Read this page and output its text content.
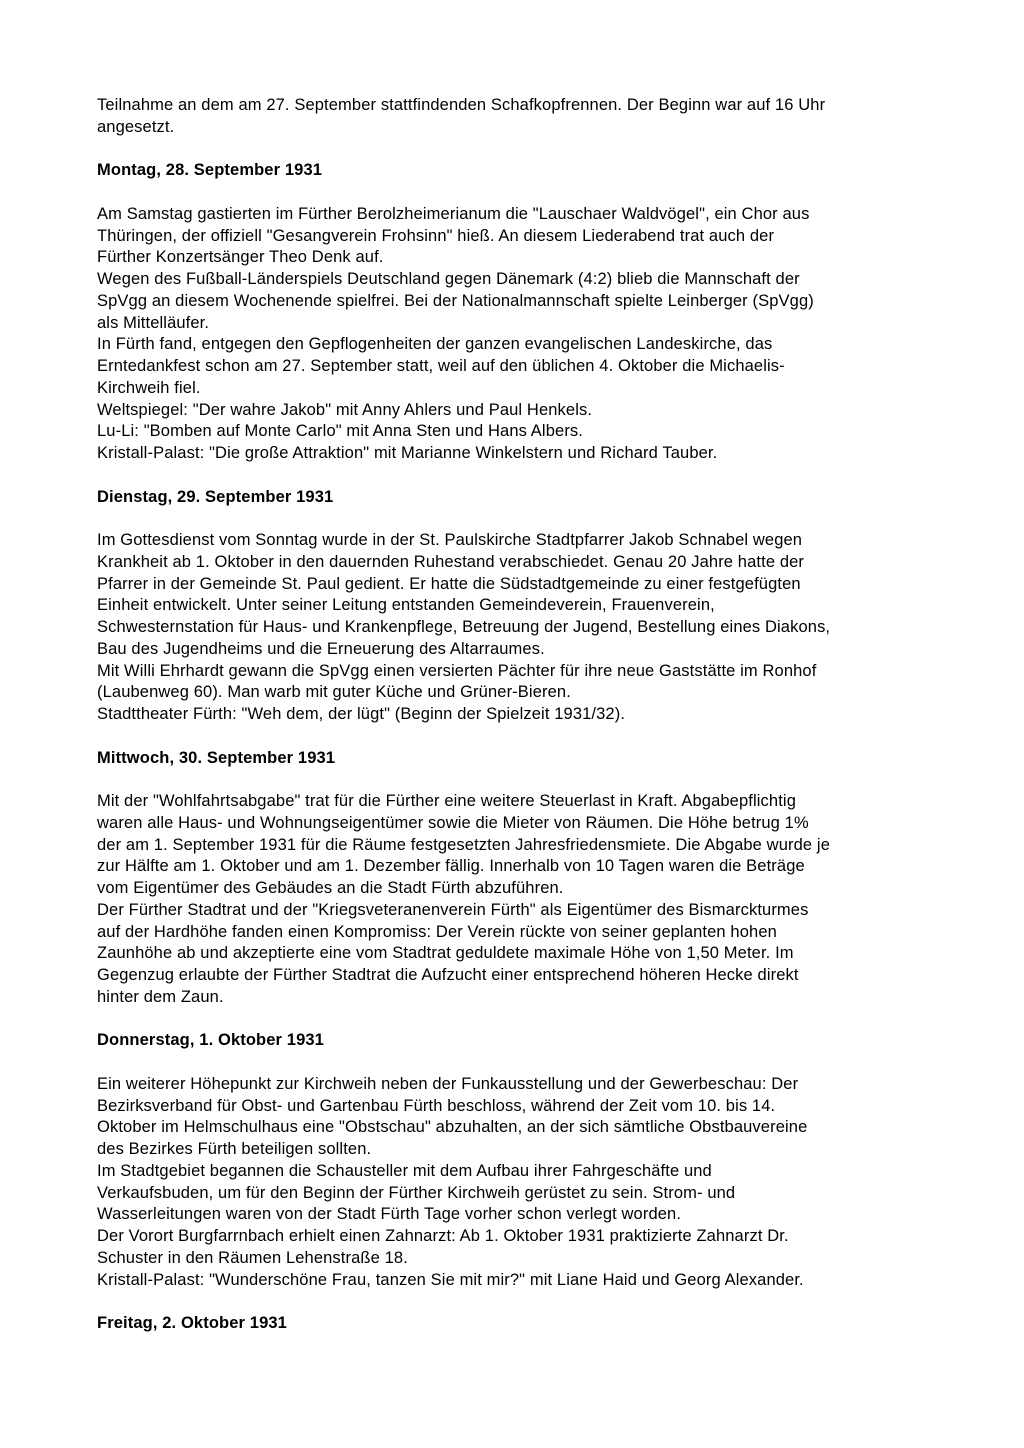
Teilnahme an dem am 27. September stattfindenden Schafkopfrennen. Der Beginn war auf 16 Uhr
angesetzt.
Montag, 28. September 1931
Am Samstag gastierten im Fürther Berolzheimerianum die "Lauschaer Waldvögel", ein Chor aus
Thüringen, der offiziell "Gesangverein Frohsinn" hieß. An diesem Liederabend trat auch der
Fürther Konzertsänger Theo Denk auf.
Wegen des Fußball-Länderspiels Deutschland gegen Dänemark (4:2) blieb die Mannschaft der
SpVgg an diesem Wochenende spielfrei. Bei der Nationalmannschaft spielte Leinberger (SpVgg)
als Mittelläufer.
In Fürth fand, entgegen den Gepflogenheiten der ganzen evangelischen Landeskirche, das
Erntedankfest schon am 27. September statt, weil auf den üblichen 4. Oktober die Michaelis-
Kirchweih fiel.
Weltspiegel: "Der wahre Jakob" mit Anny Ahlers und Paul Henkels.
Lu-Li: "Bomben auf Monte Carlo" mit Anna Sten und Hans Albers.
Kristall-Palast: "Die große Attraktion" mit Marianne Winkelstern und Richard Tauber.
Dienstag, 29. September 1931
Im Gottesdienst vom Sonntag wurde in der St. Paulskirche Stadtpfarrer Jakob Schnabel wegen
Krankheit ab 1. Oktober in den dauernden Ruhestand verabschiedet. Genau 20 Jahre hatte der
Pfarrer in der Gemeinde St. Paul gedient. Er hatte die Südstadtgemeinde zu einer festgefügten
Einheit entwickelt. Unter seiner Leitung entstanden Gemeindeverein, Frauenverein,
Schwesternstation für Haus- und Krankenpflege, Betreuung der Jugend, Bestellung eines Diakons,
Bau des Jugendheims und die Erneuerung des Altarraumes.
Mit Willi Ehrhardt gewann die SpVgg einen versierten Pächter für ihre neue Gaststätte im Ronhof
(Laubenweg 60). Man warb mit guter Küche und Grüner-Bieren.
Stadttheater Fürth: "Weh dem, der lügt" (Beginn der Spielzeit 1931/32).
Mittwoch, 30. September 1931
Mit der "Wohlfahrtsabgabe" trat für die Fürther eine weitere Steuerlast in Kraft. Abgabepflichtig
waren alle Haus- und Wohnungseigentümer sowie die Mieter von Räumen. Die Höhe betrug 1%
der am 1. September 1931 für die Räume festgesetzten Jahresfriedensmiete. Die Abgabe wurde je
zur Hälfte am 1. Oktober und am 1. Dezember fällig. Innerhalb von 10 Tagen waren die Beträge
vom Eigentümer des Gebäudes an die Stadt Fürth abzuführen.
Der Fürther Stadtrat und der "Kriegsveteranenverein Fürth" als Eigentümer des Bismarckturmes
auf der Hardhöhe fanden einen Kompromiss: Der Verein rückte von seiner geplanten hohen
Zaunhöhe ab und akzeptierte eine vom Stadtrat geduldete maximale Höhe von 1,50 Meter. Im
Gegenzug erlaubte der Fürther Stadtrat die Aufzucht einer entsprechend höheren Hecke direkt
hinter dem Zaun.
Donnerstag, 1. Oktober 1931
Ein weiterer Höhepunkt zur Kirchweih neben der Funkausstellung und der Gewerbeschau: Der
Bezirksverband für Obst- und Gartenbau Fürth beschloss, während der Zeit vom 10. bis 14.
Oktober im Helmschulhaus eine "Obstschau" abzuhalten, an der sich sämtliche Obstbauvereine
des Bezirkes Fürth beteiligen sollten.
Im Stadtgebiet begannen die Schausteller mit dem Aufbau ihrer Fahrgeschäfte und
Verkaufsbuden, um für den Beginn der Fürther Kirchweih gerüstet zu sein. Strom- und
Wasserleitungen waren von der Stadt Fürth Tage vorher schon verlegt worden.
Der Vorort Burgfarrnbach erhielt einen Zahnarzt: Ab 1. Oktober 1931 praktizierte Zahnarzt Dr.
Schuster in den Räumen Lehenstraße 18.
Kristall-Palast: "Wunderschöne Frau, tanzen Sie mit mir?" mit Liane Haid und Georg Alexander.
Freitag, 2. Oktober 1931
